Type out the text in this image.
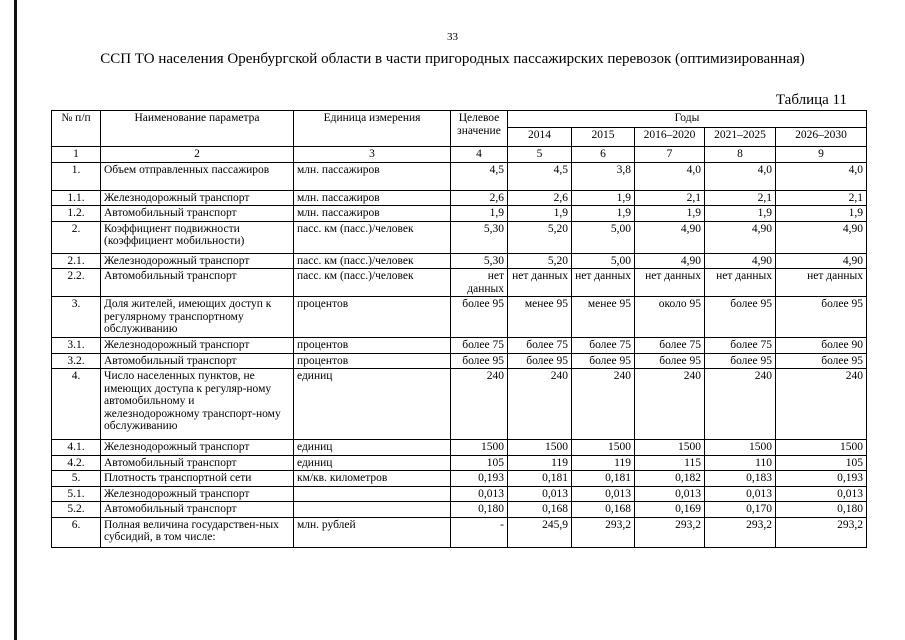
33
ССП ТО населения Оренбургской области в части пригородных пассажирских перевозок (оптимизированная)
Таблица 11
№ п/п	Наименование параметра	Единица измерения	Целевое значение	Годы				
				2014	2015	2016–2020	2021–2025	2026–2030
1	2	3	4	5	6	7	8	9
1.	Объем отправленных пассажиров	млн. пассажиров	4,5	4,5	3,8	4,0	4,0	4,0
1.1.	Железнодорожный транспорт	млн. пассажиров	2,6	2,6	1,9	2,1	2,1	2,1
1.2.	Автомобильный транспорт	млн. пассажиров	1,9	1,9	1,9	1,9	1,9	1,9
2.	Коэффициент подвижности (коэффициент мобильности)	пасс. км (пасс.)/человек	5,30	5,20	5,00	4,90	4,90	4,90
2.1.	Железнодорожный транспорт	пасс. км (пасс.)/человек	5,30	5,20	5,00	4,90	4,90	4,90
2.2.	Автомобильный транспорт	пасс. км (пасс.)/человек	нет данных	нет данных	нет данных	нет данных	нет данных	нет данных
3.	Доля жителей, имеющих доступ к регулярному транспортному обслуживанию	процентов	более 95	менее 95	менее 95	около 95	более 95	более 95
3.1.	Железнодорожный транспорт	процентов	более 75	более 75	более 75	более 75	более 75	более 90
3.2.	Автомобильный транспорт	процентов	более 95	более 95	более 95	более 95	более 95	более 95
4.	Число населенных пунктов, не имеющих доступа к регуляр-ному автомобильному и железнодорожному транспорт-ному обслуживанию	единиц	240	240	240	240	240	240
4.1.	Железнодорожный транспорт	единиц	1500	1500	1500	1500	1500	1500
4.2.	Автомобильный транспорт	единиц	105	119	119	115	110	105
5.	Плотность транспортной сети	км/кв. километров	0,193	0,181	0,181	0,182	0,183	0,193
5.1.	Железнодорожный транспорт		0,013	0,013	0,013	0,013	0,013	0,013
5.2.	Автомобильный транспорт		0,180	0,168	0,168	0,169	0,170	0,180
6.	Полная величина государствен-ных субсидий, в том числе:	млн. рублей	-	245,9	293,2	293,2	293,2	293,2
